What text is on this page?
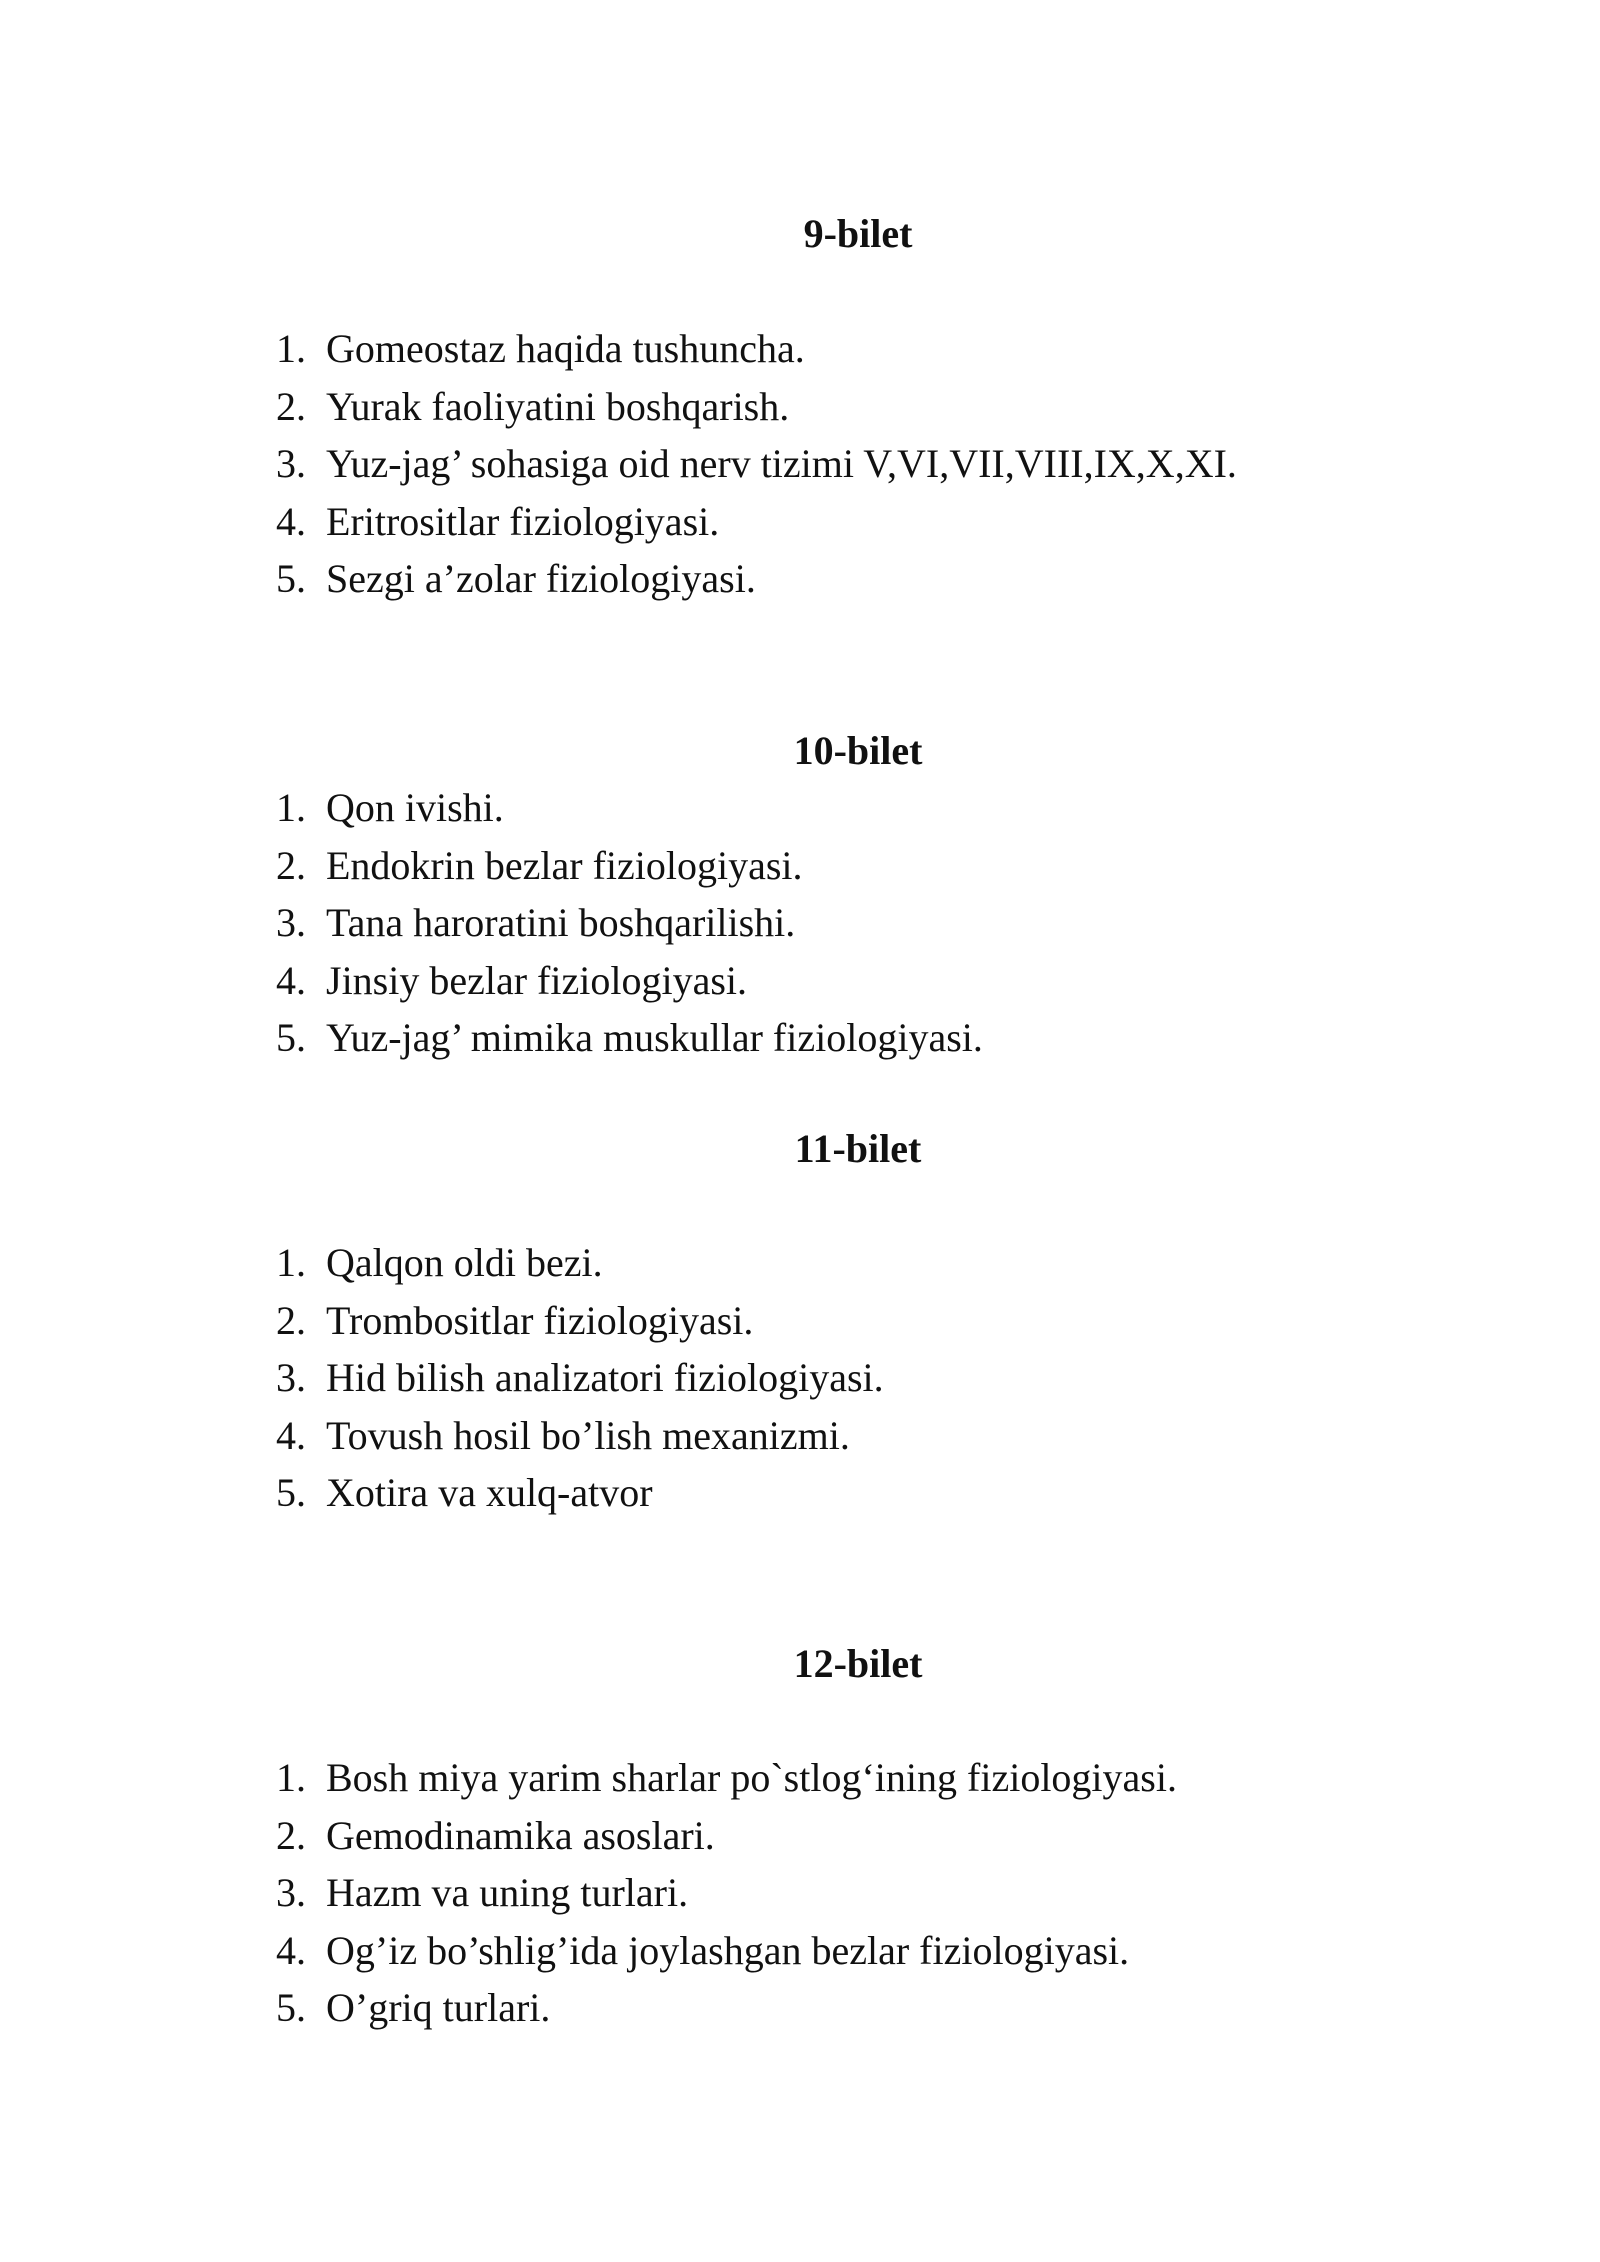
9-bilet
1. Gomeostaz haqida tushuncha.
2. Yurak faoliyatini boshqarish.
3. Yuz-jag’ sohasiga oid nerv tizimi V,VI,VII,VIII,IX,X,XI.
4. Eritrositlar fiziologiyasi.
5. Sezgi a’zolar fiziologiyasi.
10-bilet
1. Qon ivishi.
2. Endokrin bezlar fiziologiyasi.
3. Tana haroratini boshqarilishi.
4. Jinsiy bezlar fiziologiyasi.
5. Yuz-jag’ mimika muskullar fiziologiyasi.
11-bilet
1. Qalqon oldi bezi.
2. Trombositlar fiziologiyasi.
3. Hid bilish analizatori fiziologiyasi.
4. Tovush hosil bo’lish mexanizmi.
5. Xotira va xulq-atvor
12-bilet
1. Bosh miya yarim sharlar po`stlog‘ining fiziologiyasi.
2. Gemodinamika asoslari.
3. Hazm va uning turlari.
4. Og’iz bo’shlig’ida joylashgan bezlar fiziologiyasi.
5. O’griq turlari.
